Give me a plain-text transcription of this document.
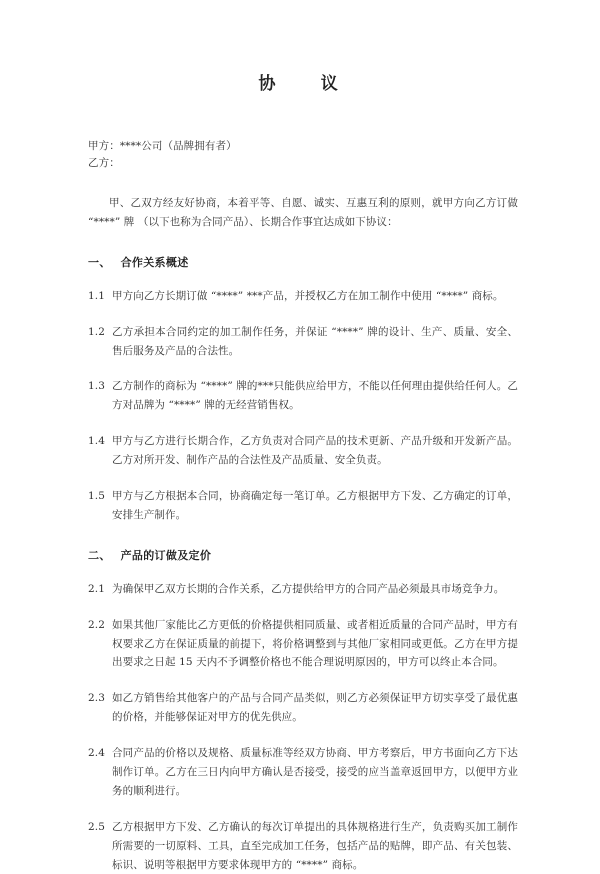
协　　议
甲方：****公司（品牌拥有者）
乙方：

甲、乙双方经友好协商，本着平等、自愿、诚实、互惠互利的原则，就甲方向乙方订做 “****” 牌 （以下也称为合同产品）、长期合作事宜达成如下协议：

一、 合作关系概述
1.1 甲方向乙方长期订做 “****” ***产品，并授权乙方在加工制作中使用 “****” 商标。
1.2 乙方承担本合同约定的加工制作任务，并保证 “****” 牌的设计、生产、质量、安全、售后服务及产品的合法性。
1.3 乙方制作的商标为 “****” 牌的***只能供应给甲方，不能以任何理由提供给任何人。乙方对品牌为 “****” 牌的无经营销售权。
1.4 甲方与乙方进行长期合作，乙方负责对合同产品的技术更新、产品升级和开发新产品。乙方对所开发、制作产品的合法性及产品质量、安全负责。
1.5 甲方与乙方根据本合同，协商确定每一笔订单。乙方根据甲方下发、乙方确定的订单，安排生产制作。
二、 产品的订做及定价
2.1 为确保甲乙双方长期的合作关系，乙方提供给甲方的合同产品必须最具市场竞争力。
2.2 如果其他厂家能比乙方更低的价格提供相同质量、或者相近质量的合同产品时，甲方有权要求乙方在保证质量的前提下，将价格调整到与其他厂家相同或更低。乙方在甲方提出要求之日起 15 天内不予调整价格也不能合理说明原因的，甲方可以终止本合同。
2.3 如乙方销售给其他客户的产品与合同产品类似，则乙方必须保证甲方切实享受了最优惠的价格，并能够保证对甲方的优先供应。
2.4 合同产品的价格以及规格、质量标准等经双方协商、甲方考察后，甲方书面向乙方下达制作订单。乙方在三日内向甲方确认是否接受，接受的应当盖章返回甲方，以便甲方业务的顺利进行。
2.5 乙方根据甲方下发、乙方确认的每次订单提出的具体规格进行生产，负责购买加工制作所需要的一切原料、工具，直至完成加工任务，包括产品的贴牌，即产品、有关包装、标识、说明等根据甲方要求体现甲方的 “****” 商标。
